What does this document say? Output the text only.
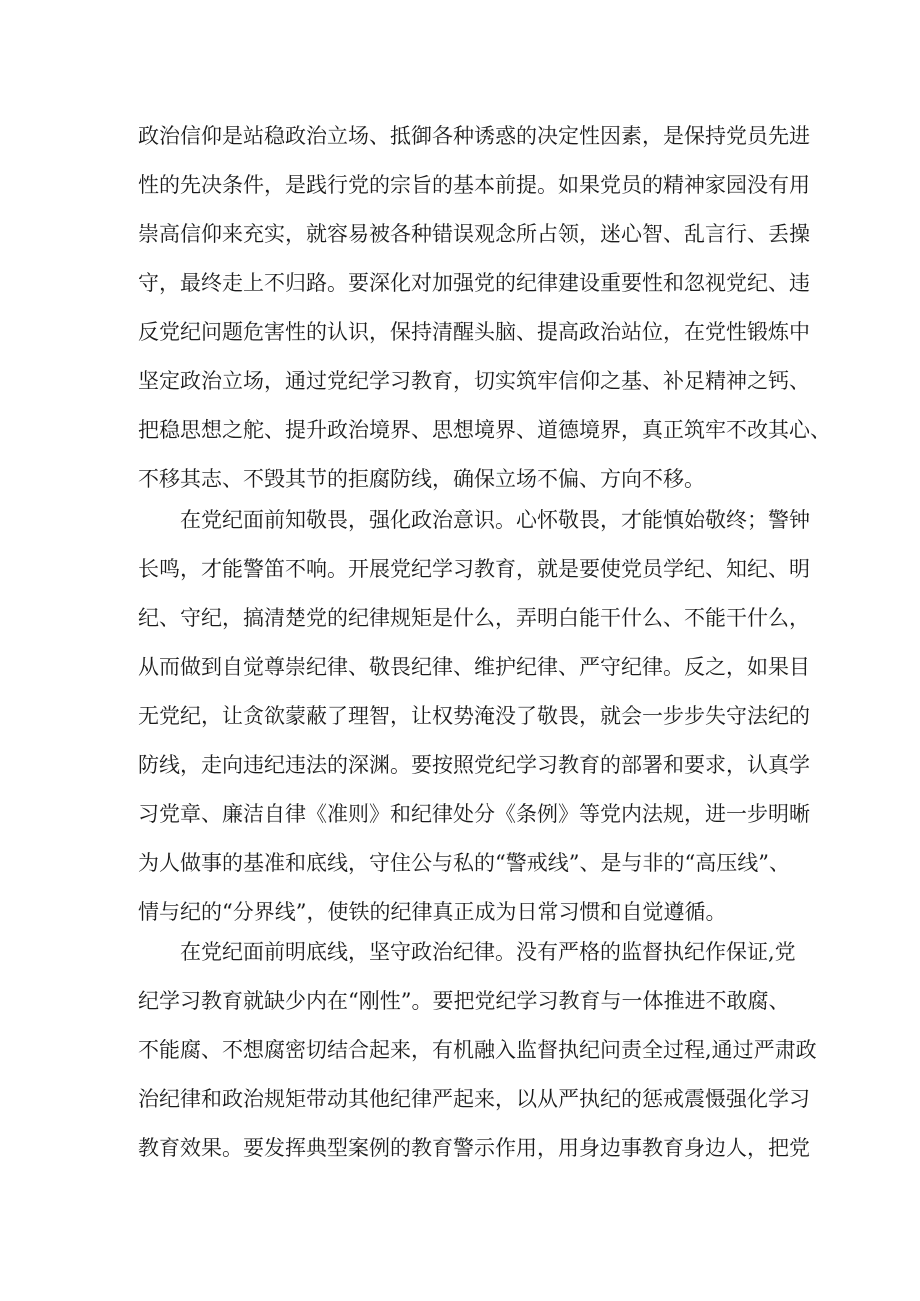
政治信仰是站稳政治立场、抵御各种诱惑的决定性因素，是保持党员先进
性的先决条件，是践行党的宗旨的基本前提。如果党员的精神家园没有用
崇高信仰来充实，就容易被各种错误观念所占领，迷心智、乱言行、丢操
守，最终走上不归路。要深化对加强党的纪律建设重要性和忽视党纪、违
反党纪问题危害性的认识，保持清醒头脑、提高政治站位，在党性锻炼中
坚定政治立场，通过党纪学习教育，切实筑牢信仰之基、补足精神之钙、
把稳思想之舵、提升政治境界、思想境界、道德境界，真正筑牢不改其心、
不移其志、不毁其节的拒腐防线，确保立场不偏、方向不移。
　　在党纪面前知敬畏，强化政治意识。心怀敬畏，才能慎始敬终；警钟
长鸣，才能警笛不响。开展党纪学习教育，就是要使党员学纪、知纪、明
纪、守纪，搞清楚党的纪律规矩是什么，弄明白能干什么、不能干什么，
从而做到自觉尊崇纪律、敬畏纪律、维护纪律、严守纪律。反之，如果目
无党纪，让贪欲蒙蔽了理智，让权势淹没了敬畏，就会一步步失守法纪的
防线，走向违纪违法的深渊。要按照党纪学习教育的部署和要求，认真学
习党章、廉洁自律《准则》和纪律处分《条例》等党内法规，进一步明晰
为人做事的基准和底线，守住公与私的“警戒线”、是与非的“高压线”、
情与纪的“分界线”，使铁的纪律真正成为日常习惯和自觉遵循。
　　在党纪面前明底线，坚守政治纪律。没有严格的监督执纪作保证,党
纪学习教育就缺少内在“刚性”。要把党纪学习教育与一体推进不敢腐、
不能腐、不想腐密切结合起来，有机融入监督执纪问责全过程,通过严肃政
治纪律和政治规矩带动其他纪律严起来，以从严执纪的惩戒震慑强化学习
教育效果。要发挥典型案例的教育警示作用，用身边事教育身边人，把党
